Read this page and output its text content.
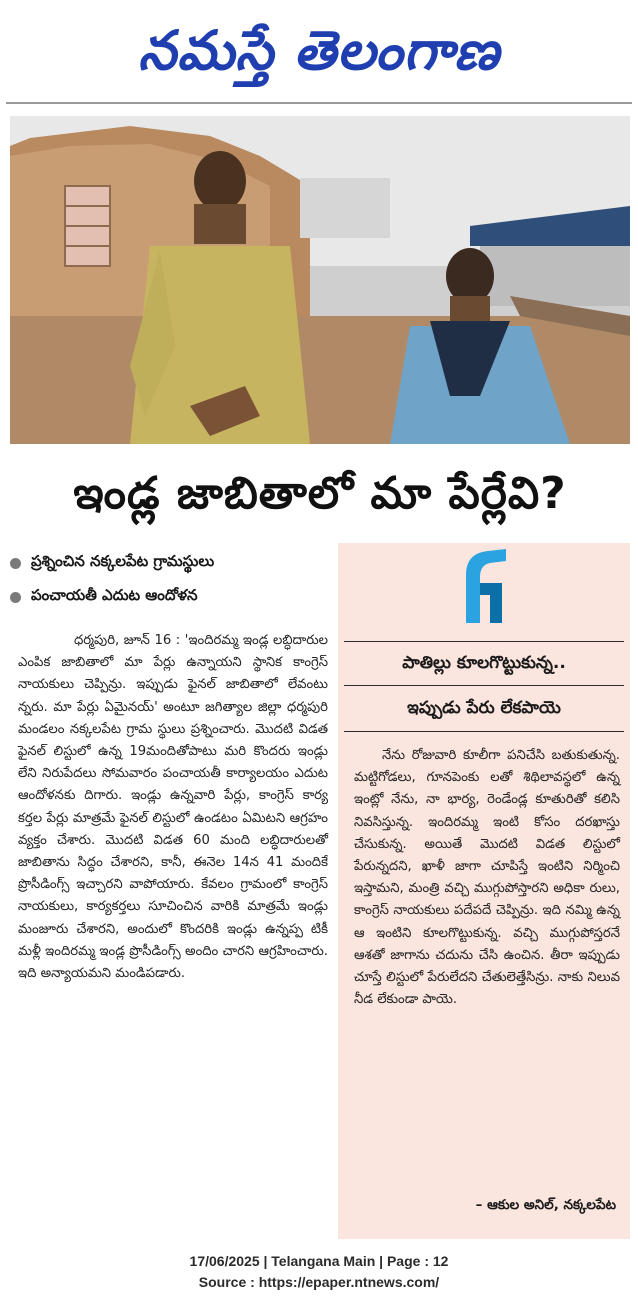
నమస్తే తెలంగాణ
ఇండ్ల జాబితాలో మా పేర్లేవి?
ప్రశ్నించిన నక్కలపేట గ్రామస్థులు
పంచాయతీ ఎదుట ఆందోళన

ధర్మపురి, జూన్ 16 : 'ఇందిరమ్మ ఇండ్ల లబ్ధిదారుల ఎంపిక జాబితాలో మా పేర్లు ఉన్నాయని స్థానిక కాంగ్రెస్ నాయకులు చెప్పిన్రు. ఇప్పుడు ఫైనల్ జాబితాలో లేవంటు న్నరు. మా పేర్లు ఏమైనయ్' అంటూ జగిత్యాల జిల్లా ధర్మపురి మండలం నక్కలపేట గ్రామ స్థులు ప్రశ్నించారు. మొదటి విడత ఫైనల్ లిస్టులో ఉన్న 19మందితోపాటు మరి కొందరు ఇండ్లు లేని నిరుపేదలు సోమవారం పంచాయతీ కార్యాలయం ఎదుట ఆందోళనకు దిగారు. ఇండ్లు ఉన్నవారి పేర్లు, కాంగ్రెస్ కార్య కర్తల పేర్లు మాత్రమే ఫైనల్ లిస్టులో ఉండటం ఏమిటని ఆగ్రహం వ్యక్తం చేశారు. మొదటి విడత 60 మంది లబ్ధిదారులతో జాబితాను సిద్ధం చేశారని, కానీ, ఈనెల 14న 41 మందికే ప్రొసీడింగ్స్ ఇచ్చారని వాపోయారు. కేవలం గ్రామంలో కాంగ్రెస్ నాయకులు, కార్యకర్తలు సూచించిన వారికి మాత్రమే ఇండ్లు మంజూరు చేశారని, అందులో కొందరికి ఇండ్లు ఉన్నప్ప టికీ మళ్లీ ఇందిరమ్మ ఇండ్ల ప్రొసీడింగ్స్ అందిం చారని ఆగ్రహించారు. ఇది అన్యాయమని మండిపడారు.

పాతిల్లు కూలగొట్టుకున్న..
ఇప్పుడు పేరు లేకపాయె

నేను రోజువారి కూలీగా పనిచేసి బతుకుతున్న. మట్టిగోడలు, గూనపెంకు లతో శిథిలావస్థలో ఉన్న ఇంట్లో నేను, నా భార్య, రెండేండ్ల కూతురితో కలిసి నివసిస్తున్న. ఇందిరమ్మ ఇంటి కోసం దరఖాస్తు చేసుకున్న. అయితే మొదటి విడత లిస్టులో పేరున్నదని, ఖాళీ జాగా చూపిస్తే ఇంటిని నిర్మించి ఇస్తామని, మంత్రి వచ్చి ముగ్గుపోస్తారని అధికా రులు, కాంగ్రెస్ నాయకులు పదేపదే చెప్పిన్రు. ఇది నమ్మి ఉన్న ఆ ఇంటిని కూలగొట్టుకున్న. వచ్చి ముగ్గుపోస్తరనే ఆశతో జాగాను చదును చేసి ఉంచిన. తీరా ఇప్పుడు చూస్తే లిస్టులో పేరులేదని చేతులెత్తేసిన్రు. నాకు నిలువ నీడ లేకుండా పాయె.

– ఆకుల అనిల్, నక్కలపేట
17/06/2025 | Telangana Main | Page : 12
Source : https://epaper.ntnews.com/
